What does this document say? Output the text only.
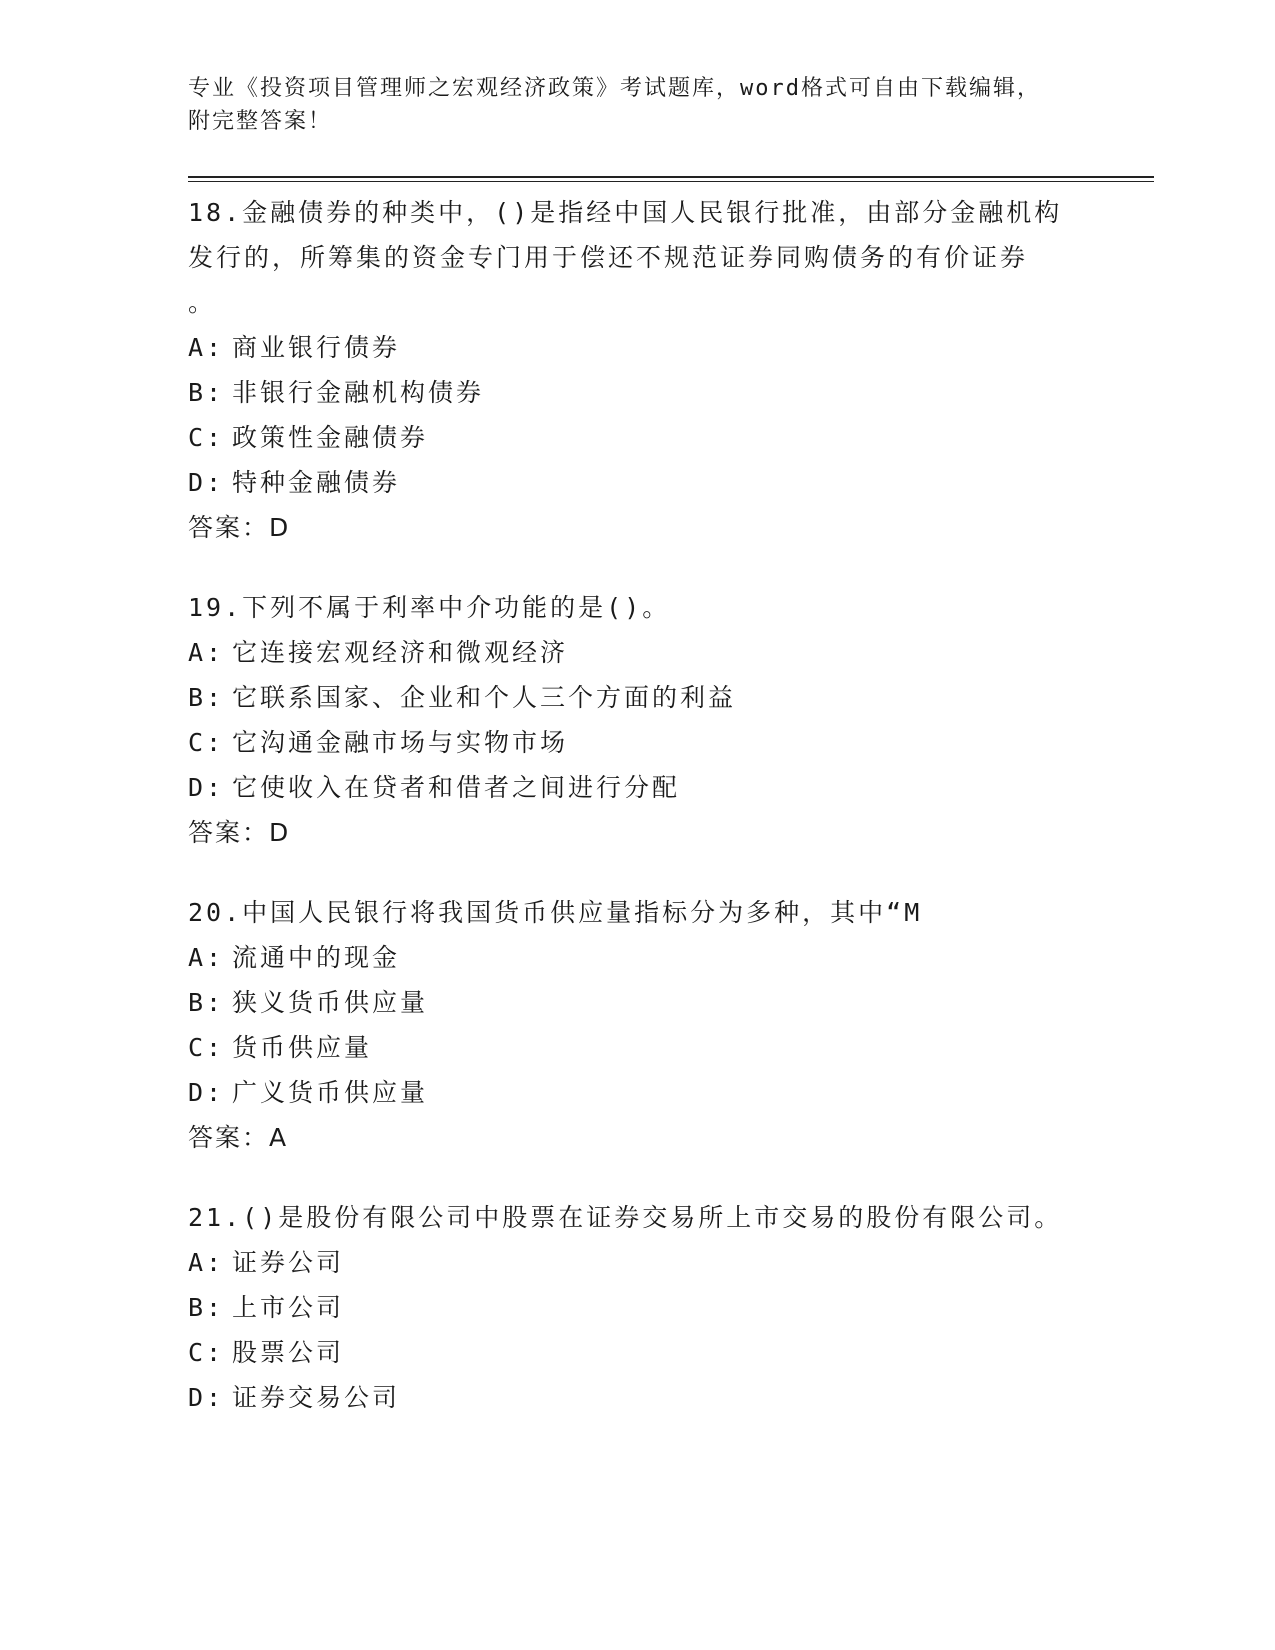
专业《投资项目管理师之宏观经济政策》考试题库，word格式可自由下载编辑，
附完整答案！

18.金融债券的种类中，()是指经中国人民银行批准，由部分金融机构

发行的，所筹集的资金专门用于偿还不规范证券同购债务的有价证券

。

A: 商业银行债券

B: 非银行金融机构债券

C: 政策性金融债券

D: 特种金融债券

答案：D

19.下列不属于利率中介功能的是()。

A: 它连接宏观经济和微观经济

B: 它联系国家、企业和个人三个方面的利益

C: 它沟通金融市场与实物市场

D: 它使收入在贷者和借者之间进行分配

答案：D

20.中国人民银行将我国货币供应量指标分为多种，其中“M

A: 流通中的现金

B: 狭义货币供应量

C: 货币供应量

D: 广义货币供应量

答案：A

21.()是股份有限公司中股票在证券交易所上市交易的股份有限公司。

A: 证券公司

B: 上市公司

C: 股票公司

D: 证券交易公司
